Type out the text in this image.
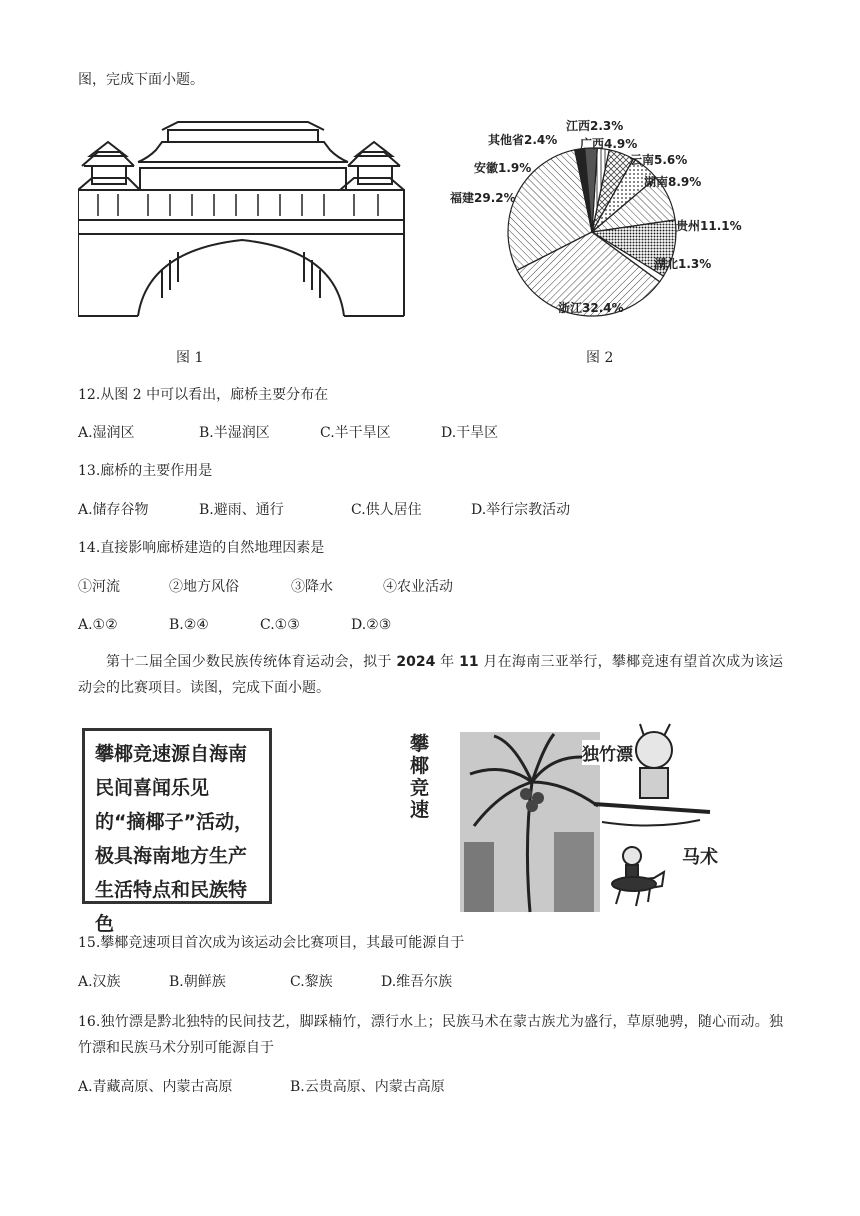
图，完成下面小题。
图 1
江西2.3%
广西4.9%
云南5.6%
湖南8.9%
贵州11.1%
湖北1.3%
浙江32.4%
福建29.2%
安徽1.9%
其他省2.4%
图 2
12.从图 2 中可以看出，廊桥主要分布在
A.湿润区	B.半湿润区	C.半干旱区	D.干旱区
13.廊桥的主要作用是
A.储存谷物	B.避雨、通行	C.供人居住	D.举行宗教活动
14.直接影响廊桥建造的自然地理因素是
①河流	②地方风俗	③降水	④农业活动
A.①②	B.②④	C.①③	D.②③
第十二届全国少数民族传统体育运动会，拟于 2024 年 11 月在海南三亚举行，攀椰竞速有望首次成为该运动会的比赛项目。读图，完成下面小题。
攀椰竞速源自海南民间喜闻乐见的“摘椰子”活动，极具海南地方生产生活特点和民族特色
攀椰竞速
独竹漂
马术
15.攀椰竞速项目首次成为该运动会比赛项目，其最可能源自于
A.汉族	B.朝鲜族	C.黎族	D.维吾尔族
16.独竹漂是黔北独特的民间技艺，脚踩楠竹，漂行水上；民族马术在蒙古族尤为盛行，草原驰骋，随心而动。独竹漂和民族马术分别可能源自于
A.青藏高原、内蒙古高原	B.云贵高原、内蒙古高原
